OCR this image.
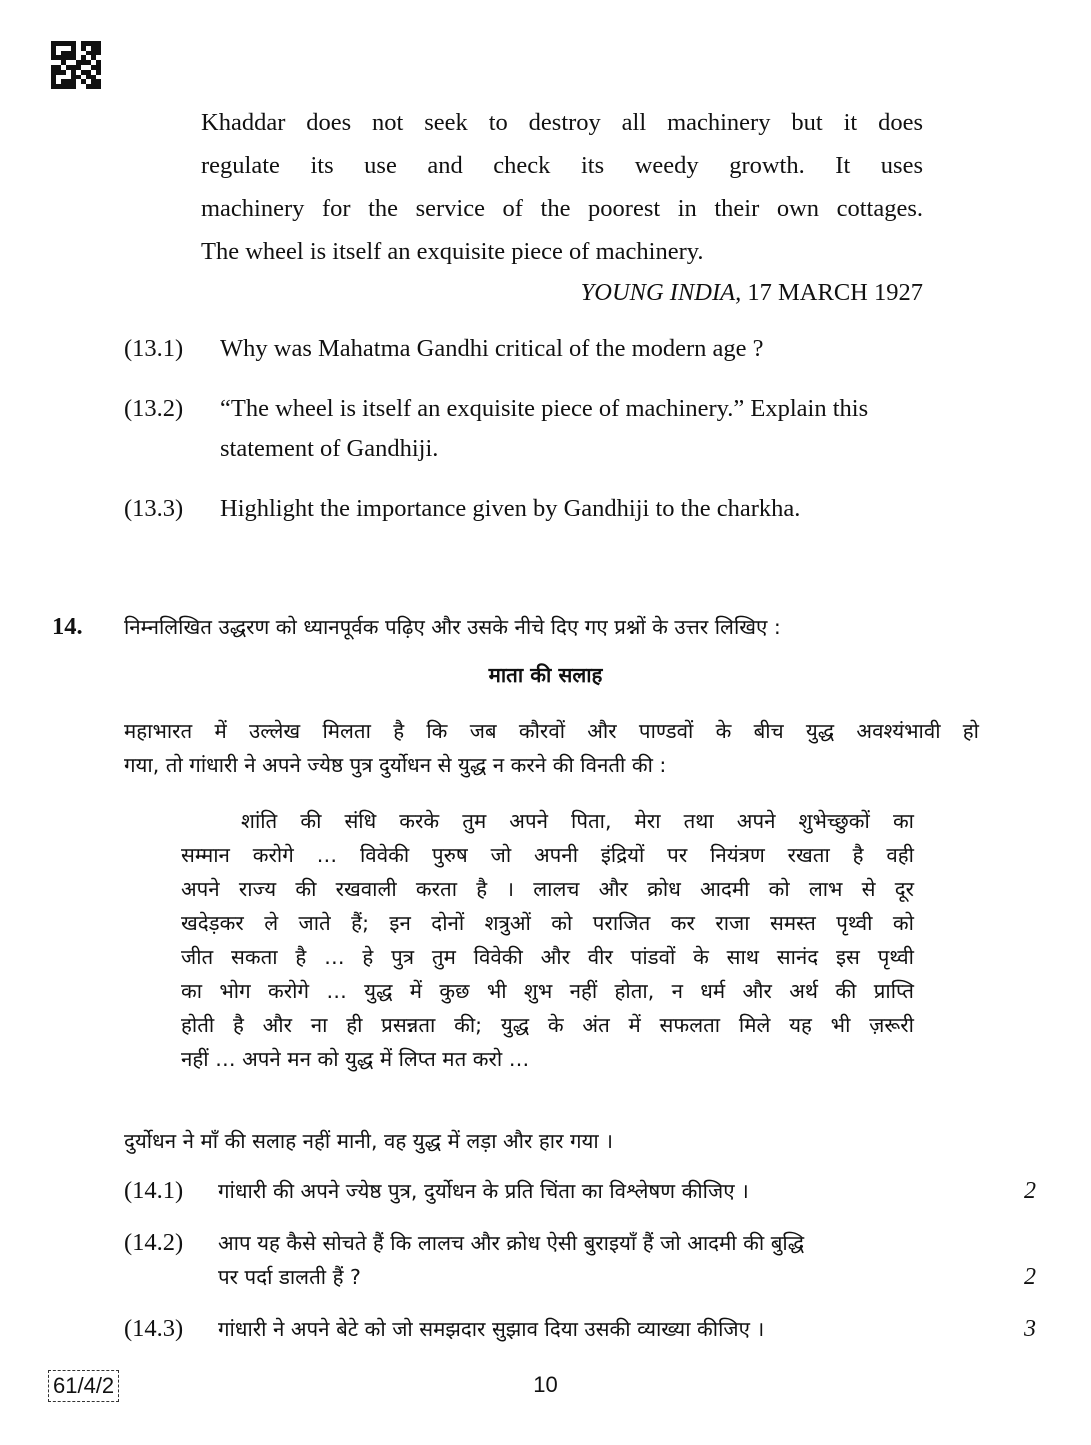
Khaddar does not seek to destroy all machinery but it does
regulate its use and check its weedy growth. It uses
machinery for the service of the poorest in their own cottages.
The wheel is itself an exquisite piece of machinery.
YOUNG INDIA, 17 MARCH 1927
(13.1) Why was Mahatma Gandhi critical of the modern age ?
(13.2) “The wheel is itself an exquisite piece of machinery.” Explain this
statement of Gandhiji.
(13.3) Highlight the importance given by Gandhiji to the charkha.
14. निम्नलिखित उद्धरण को ध्यानपूर्वक पढ़िए और उसके नीचे दिए गए प्रश्नों के उत्तर लिखिए :
माता की सलाह
महाभारत में उल्लेख मिलता है कि जब कौरवों और पाण्डवों के बीच युद्ध अवश्यंभावी हो
गया, तो गांधारी ने अपने ज्येष्ठ पुत्र दुर्योधन से युद्ध न करने की विनती की :
शांति की संधि करके तुम अपने पिता, मेरा तथा अपने शुभेच्छुकों का
सम्मान करोगे … विवेकी पुरुष जो अपनी इंद्रियों पर नियंत्रण रखता है वही
अपने राज्य की रखवाली करता है । लालच और क्रोध आदमी को लाभ से दूर
खदेड़कर ले जाते हैं; इन दोनों शत्रुओं को पराजित कर राजा समस्त पृथ्वी को
जीत सकता है … हे पुत्र तुम विवेकी और वीर पांडवों के साथ सानंद इस पृथ्वी
का भोग करोगे … युद्ध में कुछ भी शुभ नहीं होता, न धर्म और अर्थ की प्राप्ति
होती है और ना ही प्रसन्नता की; युद्ध के अंत में सफलता मिले यह भी ज़रूरी
नहीं … अपने मन को युद्ध में लिप्त मत करो …
दुर्योधन ने माँ की सलाह नहीं मानी, वह युद्ध में लड़ा और हार गया ।
(14.1) गांधारी की अपने ज्येष्ठ पुत्र, दुर्योधन के प्रति चिंता का विश्लेषण कीजिए ।	2
(14.2) आप यह कैसे सोचते हैं कि लालच और क्रोध ऐसी बुराइयाँ हैं जो आदमी की बुद्धि
पर पर्दा डालती हैं ?	2
(14.3) गांधारी ने अपने बेटे को जो समझदार सुझाव दिया उसकी व्याख्या कीजिए ।	3
61/4/2	10
